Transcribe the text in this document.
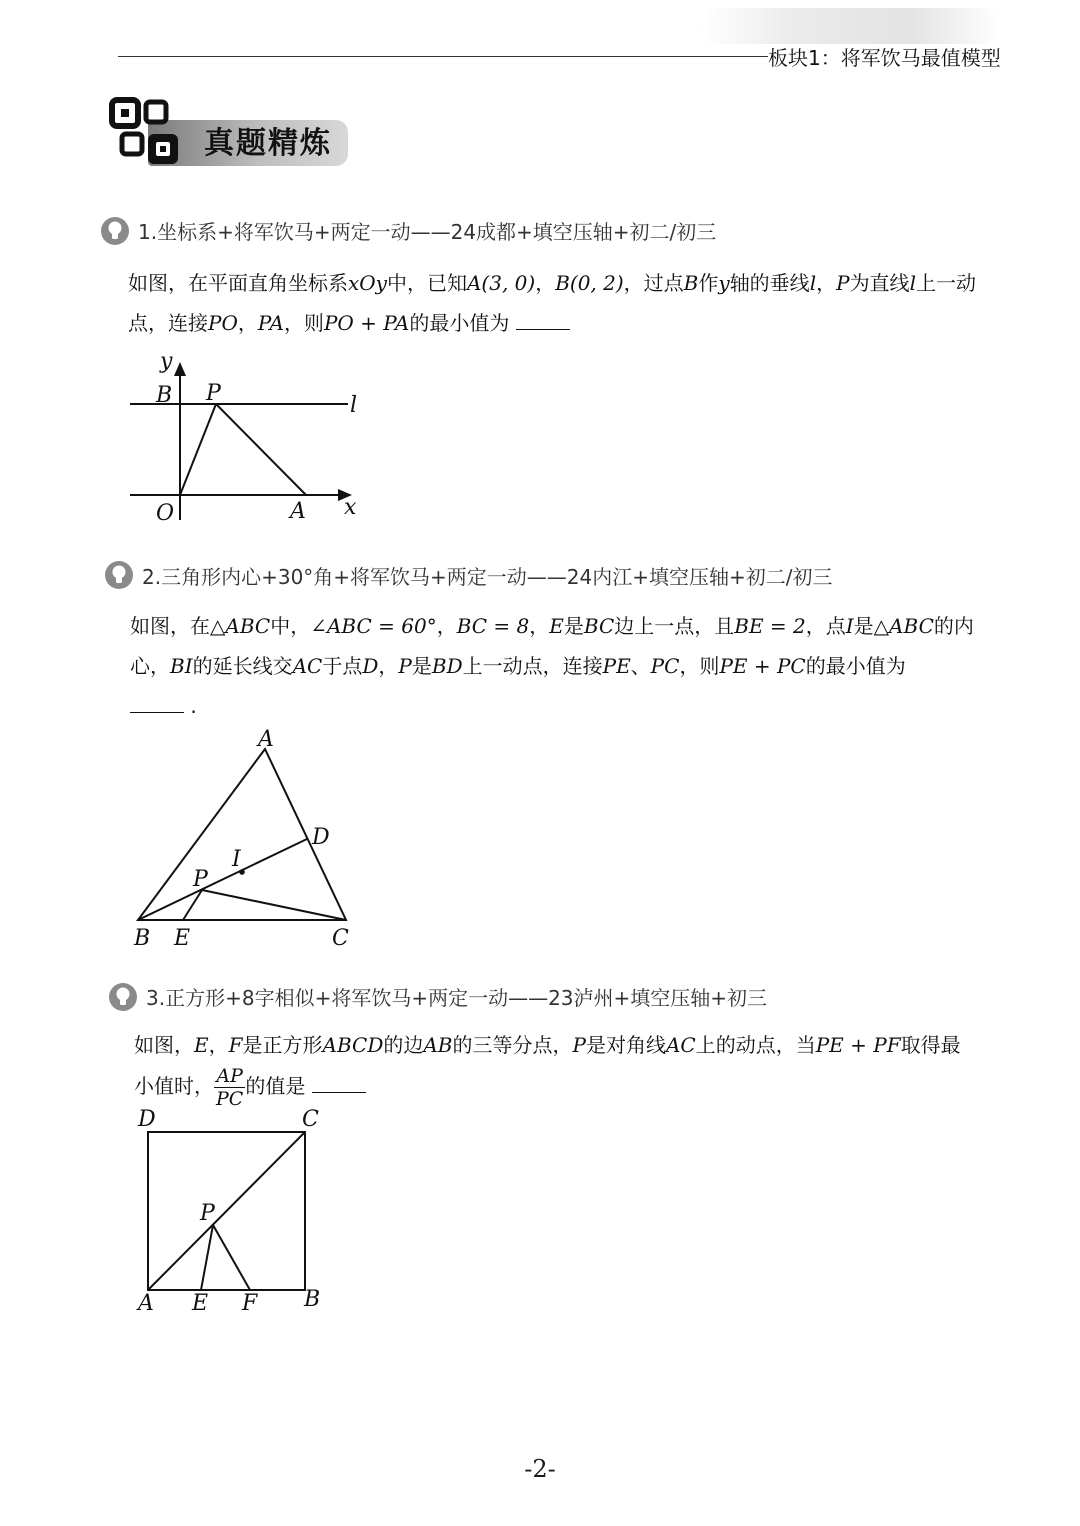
板块1：将军饮马最值模型
真题精炼
1.坐标系+将军饮马+两定一动——24成都+填空压轴+初二/初三
如图，在平面直角坐标系xOy中，已知A(3, 0)，B(0, 2)，过点B作y轴的垂线l，P为直线l上一动点，连接PO，PA，则PO + PA的最小值为
y
B P	l
O	A x
2.三角形内心+30°角+将军饮马+两定一动——24内江+填空压轴+初二/初三
如图，在△ABC中，∠ABC = 60°，BC = 8，E是BC边上一点，且BE = 2，点I是△ABC的内心，BI的延长线交AC于点D，P是BD上一动点，连接PE、PC，则PE + PC的最小值为
.
A
D
I
P
B E	C
3.正方形+8字相似+将军饮马+两定一动——23泸州+填空压轴+初三
如图，E，F是正方形ABCD的边AB的三等分点，P是对角线AC上的动点，当PE + PF取得最小值时， $\frac{AP}{PC}$ 的值是
D	C
P
A E F B
-2-
